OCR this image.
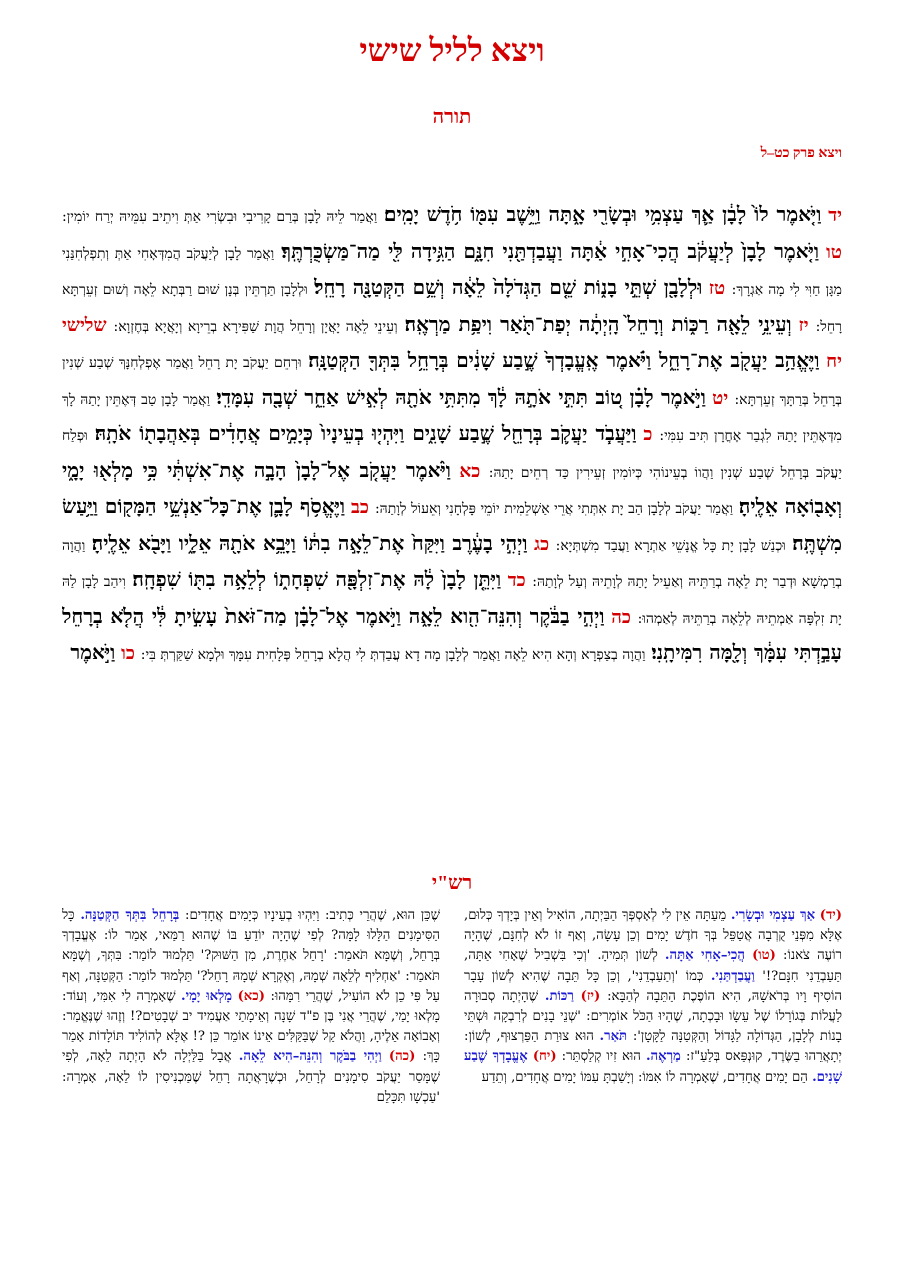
ויצא לליל שישי
תורה
ויצא פרק כט–ל
יד וַיֹּ֤אמֶר לוֹ֙ לָבָ֔ן אַ֛ךְ עַצְמִ֥י וּבְשָׂרִ֖י אָ֑תָּה וַיֵּ֥שֶׁב עִמּ֖וֹ חֹ֥דֶשׁ יָמִֽים׃ וַאֲמַר לֵיהּ לָבָן בְּרַם קָרִיבִי וּבִשְׂרִי אַתְּ וִיתֵיב עִמֵּיהּ יְרַח יוֹמִין: טו וַיֹּ֤אמֶר לָבָן֙ לְיַעֲקֹ֔ב הֲכִי־אָחִ֣י אַ֔תָּה וַעֲבַדְתַּ֖נִי חִנָּ֑ם הַגִּ֥ידָה לִּ֖י מַה־מַּשְׂכֻּרְתֶּֽךָ׃ וַאֲמַר לָבָן לְיַעֲקֹב הֲמִדְּאָחִי אַתְּ וְתִפְלְחִנַּנִי מַגָּן חַוִּי לִי מָה אַגְרָךְ: טז וּלְלָבָ֖ן שְׁתֵּ֣י בָנ֑וֹת שֵׁ֤ם הַגְּדֹלָה֙ לֵאָ֔ה וְשֵׁ֥ם הַקְּטַנָּ֖ה רָחֵֽל׃ וּלְלָבָן תַּרְתֵּין בְּנָן שׁוּם רַבְּתָא לֵאָה וְשׁוּם זְעֵרְתָּא רָחֵל: יז וְעֵינֵ֥י לֵאָ֖ה רַכּ֑וֹת וְרָחֵל֙ הָֽיְתָ֔ה יְפַת־תֹּ֖אַר וִיפַ֥ת מַרְאֶֽה׃ וְעֵינֵי לֵאָה יָאֲיָן וְרָחֵל הֲוָת שַׁפִּירָא בְרֵיוָא וְיָאֲיָא בְּחֶזְוָא: שלישי יח וַיֶּאֱהַ֥ב יַעֲקֹ֖ב אֶת־רָחֵ֑ל וַיֹּ֗אמֶר אֶֽעֱבָדְךָ֙ שֶׁ֣בַע שָׁנִ֔ים בְּרָחֵ֥ל בִּתְּךָ֖ הַקְּטַנָּֽה׃ וּרְחֵם יַעֲקֹב יָת רָחֵל וַאֲמַר אֶפְלְחִנָּךְ שְׁבַע שְׁנִין בְּרָחֵל בְּרַתָּךְ זְעֵרְתָּא: יט וַיֹּ֣אמֶר לָבָ֗ן ט֚וֹב תִּתִּ֣י אֹתָ֣הּ לָ֔ךְ מִתִּתִּ֥י אֹתָ֖הּ לְאִ֣ישׁ אַחֵ֑ר שְׁבָ֖ה עִמָּדִֽי׃ וַאֲמַר לָבָן טַב דְּאֶתֵּין יָתַהּ לָךְ מִדְּאֶתֵּין יָתַהּ לִגְבַר אָחֳרָן תִּיב עִמִּי: כ וַיַּעֲבֹ֧ד יַעֲקֹ֛ב בְּרָחֵ֖ל שֶׁ֣בַע שָׁנִ֑ים וַיִּהְי֤וּ בְעֵינָיו֙ כְּיָמִ֣ים אֲחָדִ֔ים בְּאַהֲבָת֖וֹ אֹתָֽהּ׃ וּפְלַח יַעֲקֹב בְּרָחֵל שְׁבַע שְׁנִין וַהֲווֹ בְעֵינוֹהִי כְּיוֹמִין זְעֵירִין כַּד רְחֵים יָתַהּ: כא וַיֹּ֨אמֶר יַעֲקֹ֤ב אֶל־לָבָן֙ הָבָ֣ה אֶת־אִשְׁתִּ֔י כִּ֥י מָלְא֖וּ יָמָ֑י וְאָב֖וֹאָה אֵלֶֽיהָ׃ וַאֲמַר יַעֲקֹב לְלָבָן הַב יָת אִתְּתִי אֲרֵי אַשְׁלֵמִית יוֹמֵי פָּלְחָנִי וְאֵעוֹל לְוָתַהּ: כב וַיֶּאֱסֹ֥ף לָבָ֛ן אֶת־כָּל־אַנְשֵׁ֥י הַמָּק֖וֹם וַיַּ֥עַשׂ מִשְׁתֶּֽה׃ וּכְנַשׁ לָבָן יָת כָּל אֱנָשֵׁי אַתְרָא וַעֲבַד מִשְׁתְּיָא: כג וַיְהִ֣י בָעֶ֔רֶב וַיִּקַּח֙ אֶת־לֵאָ֣ה בִתּ֔וֹ וַיָּבֵ֥א אֹתָ֖הּ אֵלָ֑יו וַיָּבֹ֖א אֵלֶֽיהָ׃ וַהֲוָה בְרַמְשָׁא וּדְבַר יָת לֵאָה בְרַתֵּיהּ וְאַעֵיל יָתַהּ לְוָתֵיהּ וְעַל לְוָתַהּ: כד וַיִּתֵּ֤ן לָבָן֙ לָ֔הּ אֶת־זִלְפָּ֖ה שִׁפְחָת֑וֹ לְלֵאָ֥ה בִתּ֖וֹ שִׁפְחָֽה׃ וִיהַב לָבָן לַהּ יָת זִלְפָּה אַמְתֵיהּ לְלֵאָה בְרַתֵּיהּ לְאַמְהוּ: כה וַיְהִ֣י בַבֹּ֔קֶר וְהִנֵּה־הִ֖וא לֵאָ֑ה וַיֹּ֣אמֶר אֶל־לָבָ֗ן מַה־זֹּאת֙ עָשִׂ֣יתָ לִּ֔י הֲלֹ֤א בְרָחֵל֙ עָבַ֣דְתִּי עִמָּ֔ךְ וְלָ֖מָּה רִמִּיתָֽנִי׃ וַהֲוָה בְצַפְרָא וְהָא הִיא לֵאָה וַאֲמַר לְלָבָן מָה דָא עֲבַדְתְּ לִי הֲלָא בְרָחֵל פְּלָחִית עִמָּךְ וּלְמָא שַׁקַּרְתְּ בִּי: כו וַיֹּ֣אמֶר
רש"י
(יד) אַךְ עַצְמִי וּבְשָׂרִי. מֵעַתָּה אֵין לִי לְאָסְפְּךָ הַבַּיְתָה, הוֹאִיל וְאֵין בְּיָדְךָ כְּלוּם, אֶלָּא מִפְּנֵי קֻרְבָה אֲטַפֵּל בְּךָ חֹדֶשׁ יָמִים וְכֵן עָשָׂה, וְאַף זוֹ לֹא לְחִנָּם, שֶׁהָיָה רוֹעֶה צֹאנוֹ: (טו) הֲכִי–אָחִי אַתָּה. לְשׁוֹן תְּמִיהָ. 'וְכִי בִּשְׁבִיל שֶׁאָחִי אַתָּה, תַּעַבְדֵנִי חִנָּם?!' וַעֲבַדְתַּנִי. כְּמוֹ 'וְתַעַבְדֵנִי', וְכֵן כָּל תֵּבָה שֶׁהִיא לְשׁוֹן עָבָר הוֹסִיף וָיו בְּרֹאשָׁהּ, הִיא הוֹפֶכֶת הַתֵּבָה לְהַבָּא: (יז) רַכּוֹת. שֶׁהָיְתָה סְבוּרָה לַעֲלוֹת בְּגוֹרָלוֹ שֶׁל עֵשָׂו וּבָכְתָה, שֶׁהָיוּ הַכֹּל אוֹמְרִים: 'שְׁנֵי בָנִים לְרִבְקָה וּשְׁתֵּי בָנוֹת לְלָבָן, הַגְּדוֹלָה לַגָּדוֹל וְהַקְּטַנָּה לַקָּטָן': תֹּאַר. הוּא צוּרַת הַפַּרְצוּף, לְשׁוֹן: יְתָאֲרֵהוּ בַשֶּׂרֶד, קוּנְפַּאס בְּלַעַ"ז: מַרְאֶה. הוּא זִיו קְלַסְתֵּר: (יח) אֶעֱבָדְךָ שֶׁבַע שָׁנִים. הֵם יָמִים אֲחָדִים, שֶׁאָמְרָה לוֹ אִמּוֹ: וְיָשַׁבְתָּ עִמּוֹ יָמִים אֲחָדִים, וְתֵדַע
שֶׁכֵּן הוּא, שֶׁהֲרֵי כְּתִיב: וַיִּהְיוּ בְעֵינָיו כְּיָמִים אֲחָדִים: בְּרָחֵל בִּתְּךָ הַקְּטַנָּה. כָּל הַסִּימָנִים הַלָּלוּ לָמָּה? לְפִי שֶׁהָיָה יוֹדֵעַ בּוֹ שֶׁהוּא רַמַּאי, אָמַר לוֹ: אֶעֱבָדְךָ בְּרָחֵל, וְשֶׁמָּא תֹּאמַר: 'רָחֵל אַחֶרֶת, מִן הַשּׁוּק?' תַּלְמוּד לוֹמַר: בִּתְּךָ, וְשֶׁמָּא תֹּאמַר: 'אַחְלִיף לְלֵאָה שְׁמָהּ, וְאֶקְרָא שְׁמָהּ רָחֵל?' תַּלְמוּד לוֹמַר: הַקְּטַנָּה, וְאַף עַל פִּי כֵן לֹא הוֹעִיל, שֶׁהֲרֵי רִמָּהוּ: (כא) מָלְאוּ יָמָי. שֶׁאָמְרָה לִי אִמִּי, וְעוֹד: מָלְאוּ יָמַי, שֶׁהֲרֵי אֲנִי בֶּן פ"ד שָׁנָה וְאֵימָתַי אַעֲמִיד יב שְׁבָטִים?! וְזֶהוּ שֶׁנֶּאֱמַר: וְאָבוֹאָה אֵלֶיהָ, וַהֲלֹא קַל שֶׁבַּקַּלִּים אֵינוֹ אוֹמֵר כֵּן ?! אֶלָּא לְהוֹלִיד תּוֹלָדוֹת אָמַר כָּךְ: (כה) וַיְהִי בַבֹּקֶר וְהִנֵּה–הִיא לֵאָה. אֲבָל בַּלַּיְלָה לֹא הָיְתָה לֵאָה, לְפִי שֶׁמָּסַר יַעֲקֹב סִימָנִים לְרָחֵל, וּכְשֶׁרָאֲתָה רָחֵל שֶׁמַּכְנִיסִין לוֹ לֵאָה, אָמְרָה: 'עַכְשָׁו תִּכָּלֵם
